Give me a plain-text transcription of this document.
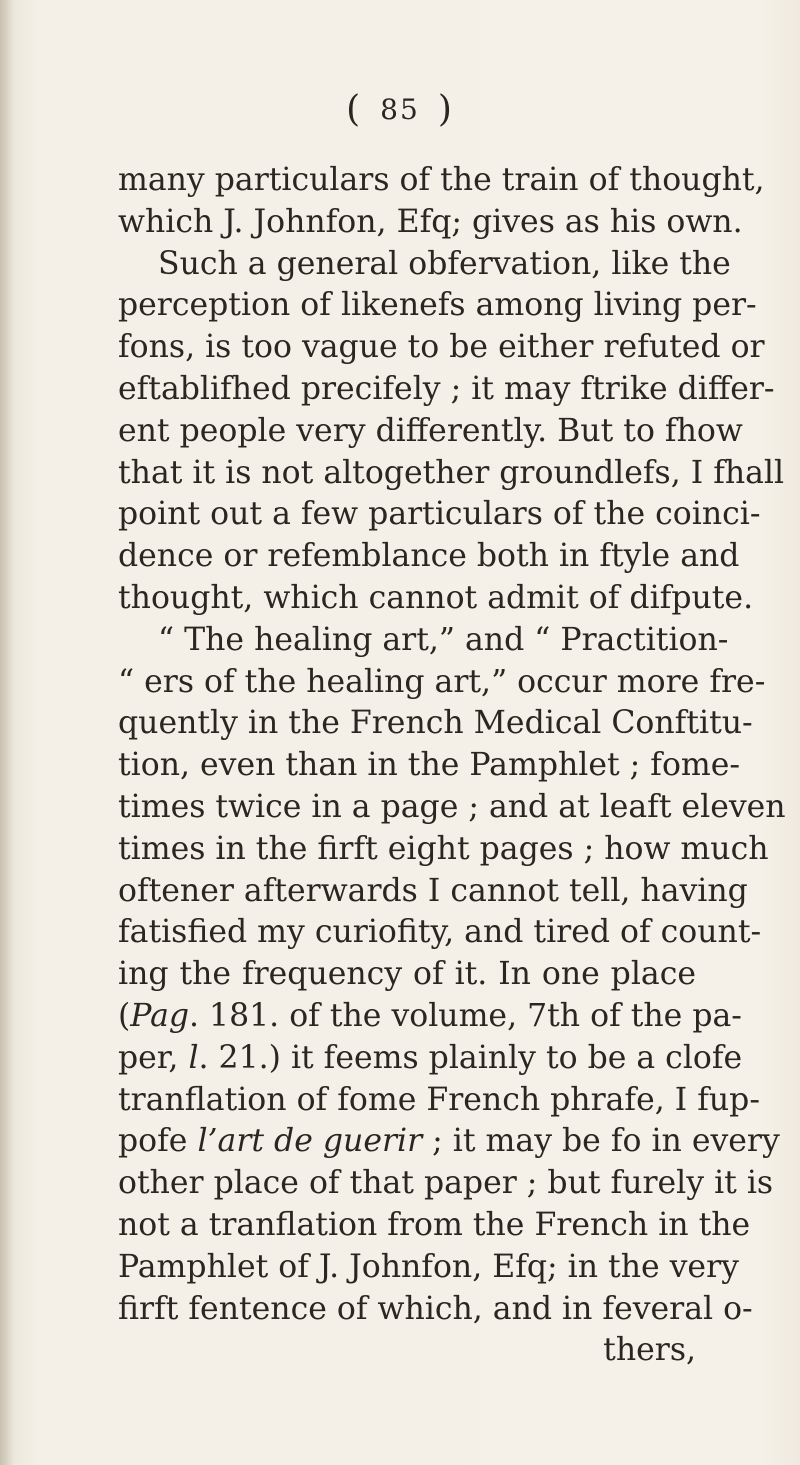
( 85 )
many particulars of the train of thought,
which J. Johnfon, Efq; gives as his own.
Such a general obfervation, like the
perception of likenefs among living per-
fons, is too vague to be either refuted or
eftablifhed precifely ; it may ftrike differ-
ent people very differently. But to fhow
that it is not altogether groundlefs, I fhall
point out a few particulars of the coinci-
dence or refemblance both in ftyle and
thought, which cannot admit of difpute.
“ The healing art,” and “ Practition-
“ ers of the healing art,” occur more fre-
quently in the French Medical Conftitu-
tion, even than in the Pamphlet ; fome-
times twice in a page ; and at leaft eleven
times in the firft eight pages ; how much
oftener afterwards I cannot tell, having
fatisfied my curiofity, and tired of count-
ing the frequency of it. In one place
(Pag. 181. of the volume, 7th of the pa-
per, l. 21.) it feems plainly to be a clofe
tranflation of fome French phrafe, I fup-
pofe l’art de guerir ; it may be fo in every
other place of that paper ; but furely it is
not a tranflation from the French in the
Pamphlet of J. Johnfon, Efq; in the very
firft fentence of which, and in feveral o-
thers,
